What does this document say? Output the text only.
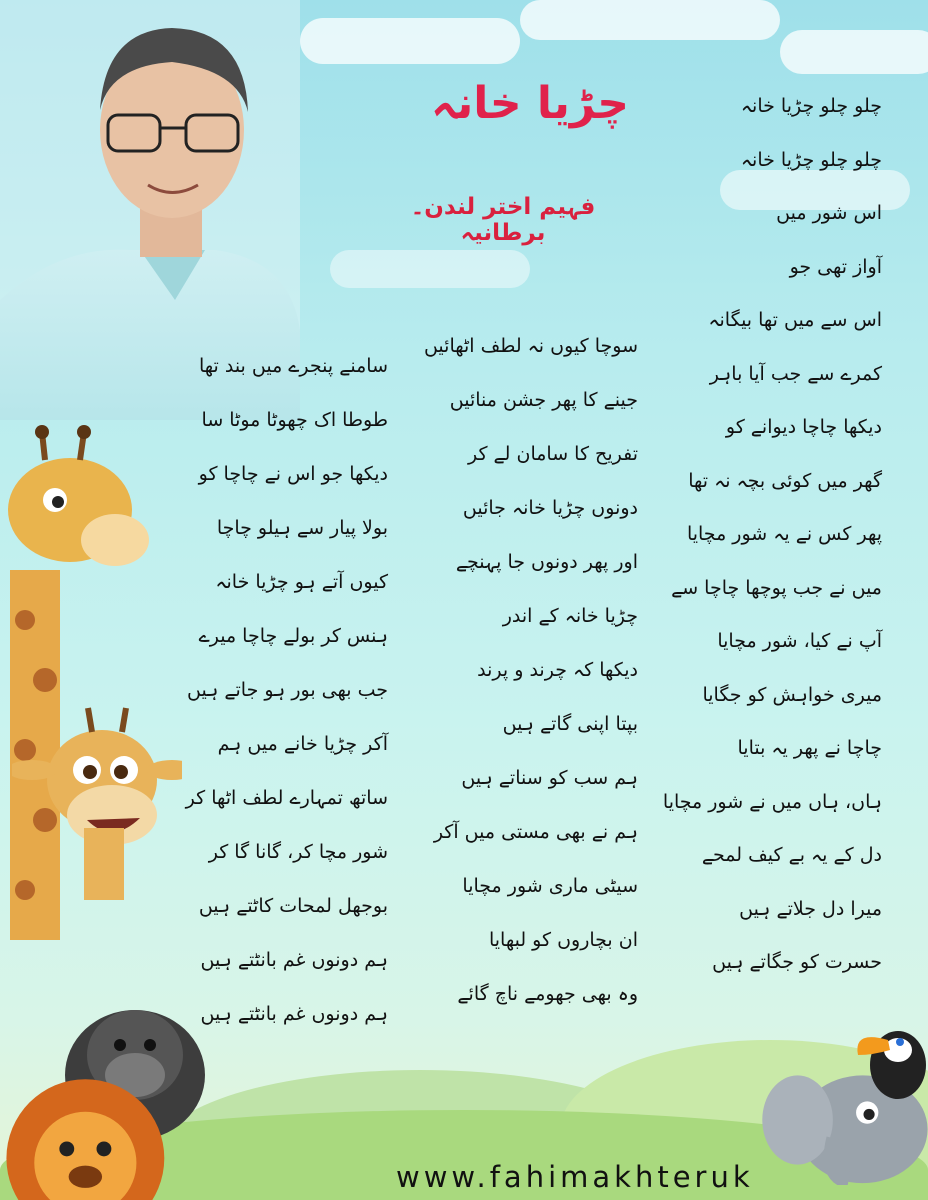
چڑیا خانہ
فہیم اختر لندن۔ برطانیہ
چلو چلو چڑیا خانہ
چلو چلو چڑیا خانہ
اس شور میں
آواز تھی جو
اس سے میں تھا بیگانہ
کمرے سے جب آیا باہر
دیکھا چاچا دیوانے کو
گھر میں کوئی بچہ نہ تھا
پھر کس نے یہ شور مچایا
میں نے جب پوچھا چاچا سے
آپ نے کیا، شور مچایا
میری خواہش کو جگایا
چاچا نے پھر یہ بتایا
ہاں، ہاں میں نے شور مچایا
دل کے یہ بے کیف لمحے
میرا دل جلاتے ہیں
حسرت کو جگاتے ہیں
سوچا کیوں نہ لطف اٹھائیں
جینے کا پھر جشن منائیں
تفریح کا سامان لے کر
دونوں چڑیا خانہ جائیں
اور پھر دونوں جا پہنچے
چڑیا خانہ کے اندر
دیکھا کہ چرند و پرند
بپتا اپنی گاتے ہیں
ہم سب کو سناتے ہیں
ہم نے بھی مستی میں آکر
سیٹی ماری شور مچایا
ان بچاروں کو لبھایا
وہ بھی جھومے ناچ گائے
سامنے پنجرے میں بند تھا
طوطا اک چھوٹا موٹا سا
دیکھا جو اس نے چاچا کو
بولا پیار سے ہیلو چاچا
کیوں آتے ہو چڑیا خانہ
ہنس کر بولے چاچا میرے
جب بھی بور ہو جاتے ہیں
آکر چڑیا خانے میں ہم
ساتھ تمہارے لطف اٹھا کر
شور مچا کر، گانا گا کر
بوجھل لمحات کاٹتے ہیں
ہم دونوں غم بانٹتے ہیں
ہم دونوں غم بانٹتے ہیں
www.fahimakhteruk
